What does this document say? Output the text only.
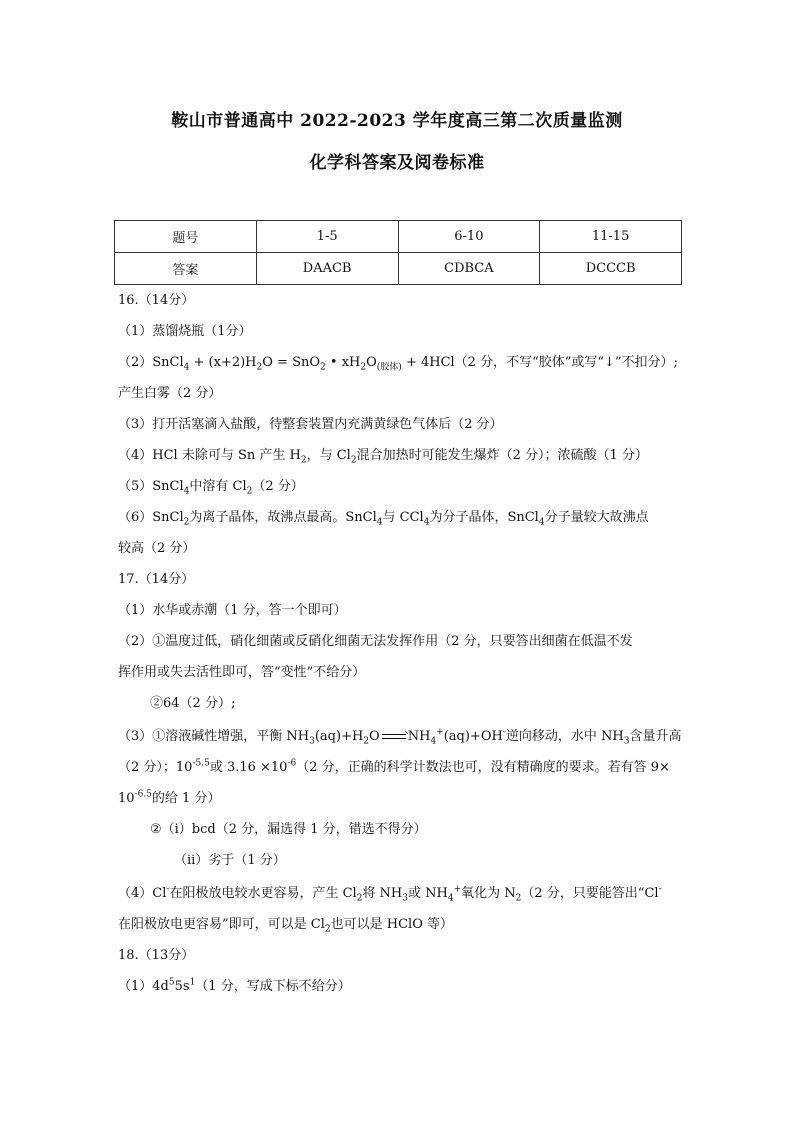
鞍山市普通高中 2022-2023 学年度高三第二次质量监测
化学科答案及阅卷标准
题号	1-5	6-10	11-15
答案	DAACB	CDBCA	DCCCB
16.（14分）
（1）蒸馏烧瓶（1分）
（2）SnCl$_4$ + $(x+2)H_2O = SnO_2$ • $xH_2O_{(胶体)} + 4HCl(2$ 分，不写“胶体”或写“↓”不扣分）;
产生白雾（2 分）
（3）打开活塞滴入盐酸，待整套装置内充满黄绿色气体后（2 分）
（4）HCl 未除可与 Sn 产生 $H_2$，与 $Cl_2$混合加热时可能发生爆炸（2 分）；浓硫酸（1 分）
（5）SnCl$_4$中溶有 $Cl_2(2$ 分）
（6）SnCl$_2$为离子晶体，故沸点最高。SnCl$_4$与 CCl$_4$为分子晶体，SnCl$_4$分子量较大故沸点
较高（2 分）
17.（14分）
（1）水华或赤潮（1 分，答一个即可）
（2）①温度过低，硝化细菌或反硝化细菌无法发挥作用（2 分，只要答出细菌在低温不发
挥作用或失去活性即可，答“变性”不给分）
②64（2 分）;
（3）①溶液碱性增强，平衡 $NH_3(aq)+H_2O$ $NH_4^+(aq)+OH^-$逆向移动，水中 $NH_3$含量升高
（2 分）；$10^{-5.5}$或 $3.16 \times 10^{-6}(2$ 分，正确的科学计数法也可，没有精确度的要求。若有答 9×
$10^{-6.5}$的给 1 分）
②（ⅰ）bcd（2 分，漏选得 1 分，错选不得分）
（ⅱ）劣于（1 分）
（4）Cl-在阳极放电较水更容易，产生 $Cl_2$将 $NH_3$或 $NH_4^+$氧化为 $N_2(2$ 分，只要能答出“Cl-
在阳极放电更容易”即可，可以是 $Cl_2$也可以是 HClO 等）
18.（13分）
$(1)4d^55s^1(1$ 分，写成下标不给分）
